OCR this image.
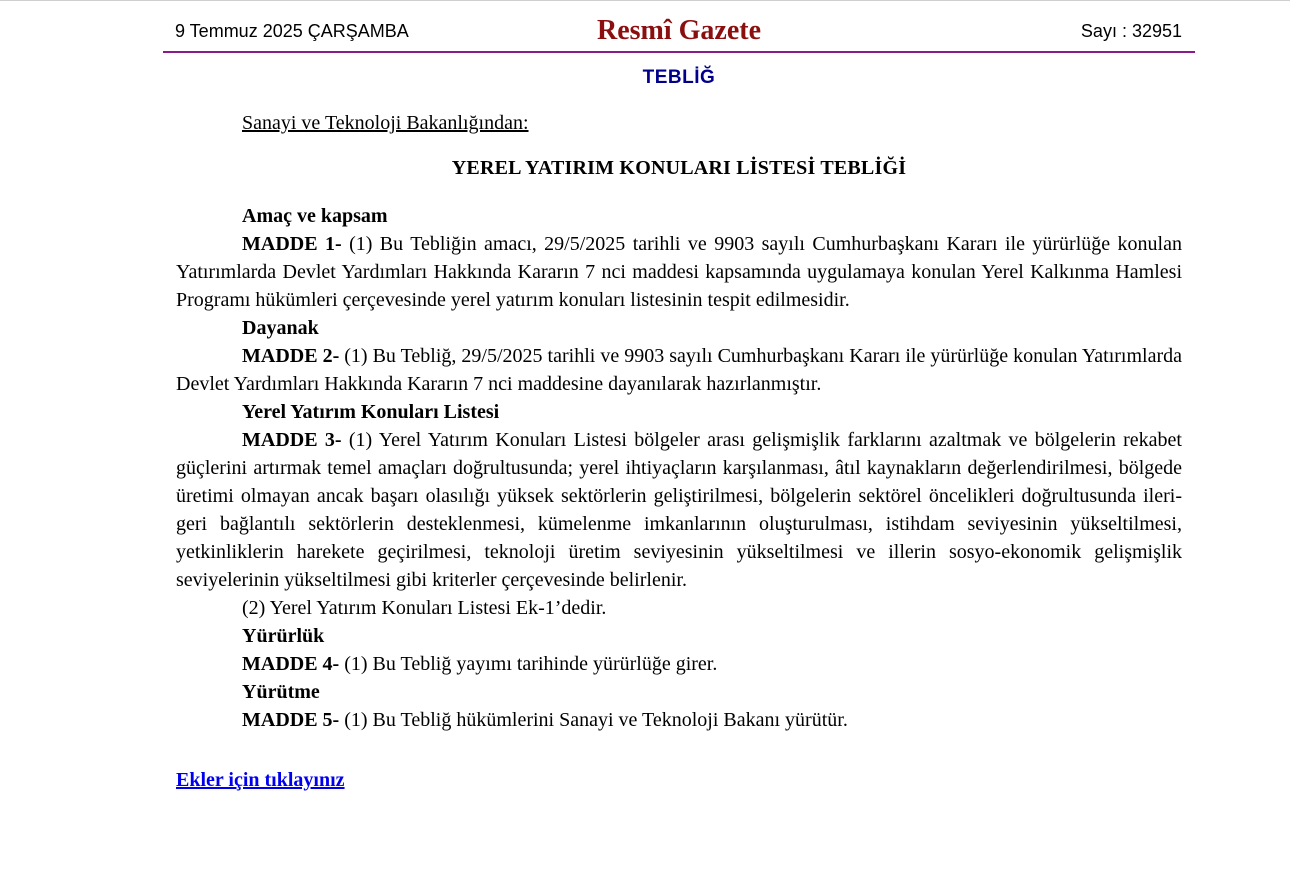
9 Temmuz 2025 ÇARŞAMBA	Resmî Gazete	Sayı : 32951
TEBLİĞ
Sanayi ve Teknoloji Bakanlığından:
YEREL YATIRIM KONULARI LİSTESİ TEBLİĞİ
Amaç ve kapsam

MADDE 1- (1) Bu Tebliğin amacı, 29/5/2025 tarihli ve 9903 sayılı Cumhurbaşkanı Kararı ile yürürlüğe konulan Yatırımlarda Devlet Yardımları Hakkında Kararın 7 nci maddesi kapsamında uygulamaya konulan Yerel Kalkınma Hamlesi Programı hükümleri çerçevesinde yerel yatırım konuları listesinin tespit edilmesidir.

Dayanak

MADDE 2- (1) Bu Tebliğ, 29/5/2025 tarihli ve 9903 sayılı Cumhurbaşkanı Kararı ile yürürlüğe konulan Yatırımlarda Devlet Yardımları Hakkında Kararın 7 nci maddesine dayanılarak hazırlanmıştır.

Yerel Yatırım Konuları Listesi

MADDE 3- (1) Yerel Yatırım Konuları Listesi bölgeler arası gelişmişlik farklarını azaltmak ve bölgelerin rekabet güçlerini artırmak temel amaçları doğrultusunda; yerel ihtiyaçların karşılanması, âtıl kaynakların değerlendirilmesi, bölgede üretimi olmayan ancak başarı olasılığı yüksek sektörlerin geliştirilmesi, bölgelerin sektörel öncelikleri doğrultusunda ileri-geri bağlantılı sektörlerin desteklenmesi, kümelenme imkanlarının oluşturulması, istihdam seviyesinin yükseltilmesi, yetkinliklerin harekete geçirilmesi, teknoloji üretim seviyesinin yükseltilmesi ve illerin sosyo-ekonomik gelişmişlik seviyelerinin yükseltilmesi gibi kriterler çerçevesinde belirlenir.

(2) Yerel Yatırım Konuları Listesi Ek-1’dedir.

Yürürlük

MADDE 4- (1) Bu Tebliğ yayımı tarihinde yürürlüğe girer.

Yürütme

MADDE 5- (1) Bu Tebliğ hükümlerini Sanayi ve Teknoloji Bakanı yürütür.

Ekler için tıklayınız
